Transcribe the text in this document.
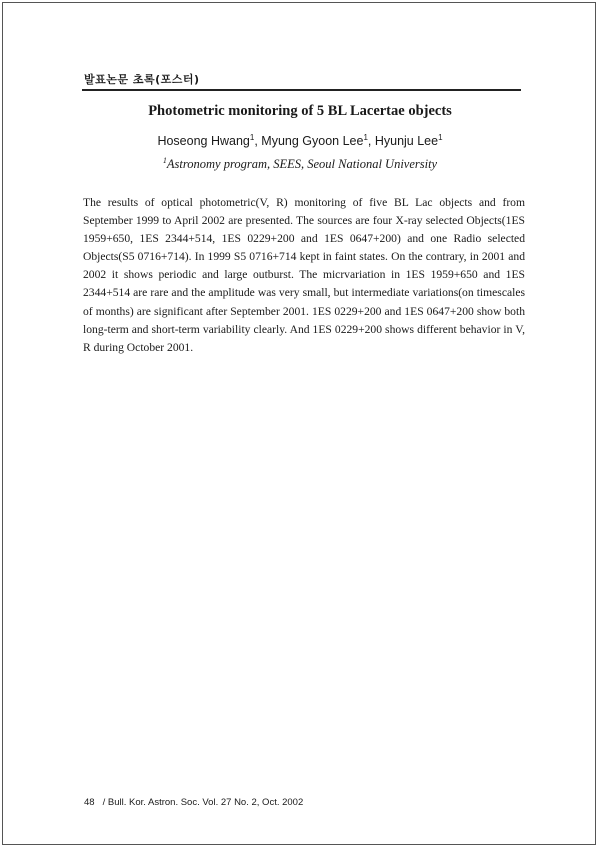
발표논문 초록(포스터)
Photometric monitoring of 5 BL Lacertae objects
Hoseong Hwang$^1$, Myung Gyoon Lee$^1$, Hyunju Lee$^1$
$^1$Astronomy program, SEES, Seoul National University

The results of optical photometric(V, R) monitoring of five BL Lac objects and from September 1999 to April 2002 are presented. The sources are four X-ray selected Objects(1ES 1959+650, 1ES 2344+514, 1ES 0229+200 and 1ES 0647+200) and one Radio selected Objects(S5 0716+714). In 1999 S5 0716+714 kept in faint states. On the contrary, in 2001 and 2002 it shows periodic and large outburst. The micrvariation in 1ES 1959+650 and 1ES 2344+514 are rare and the amplitude was very small, but intermediate variations(on timescales of months) are significant after September 2001. 1ES 0229+200 and 1ES 0647+200 show both long-term and short-term variability clearly. And 1ES 0229+200 shows different behavior in V, R during October 2001.

48 / Bull. Kor. Astron. Soc. Vol. 27 No. 2, Oct. 2002
